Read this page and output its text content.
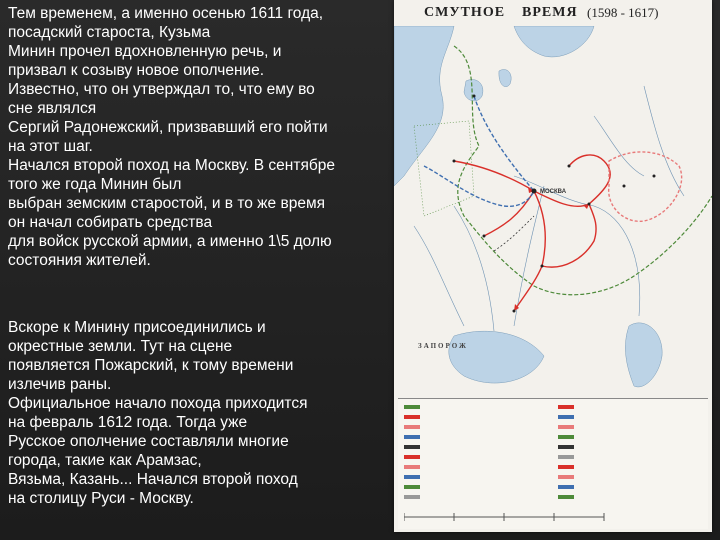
Тем временем, а именно осенью 1611 года,
посадский староста, Кузьма
Минин прочел вдохновленную речь, и
призвал к созыву новое ополчение.
Известно, что он утверждал то, что ему во
сне являлся
Сергий Радонежский, призвавший его пойти
на этот шаг.
Начался второй поход на Москву. В сентябре
того же года Минин был
выбран земским старостой, и в то же время
он начал собирать средства
для войск русской армии, а именно 1\5 долю
состояния жителей.

Вскоре к Минину присоединились и
окрестные земли. Тут на сцене
появляется Пожарский, к тому времени
излечив раны.
Официальное начало похода приходится
на февраль 1612 года. Тогда уже
Русское ополчение составляли многие
города, такие как Арамзас,
Вязьма, Казань... Начался второй поход
на столицу Руси - Москву.

СМУТНОЕ ВРЕМЯ (1598 - 1617)
МОСКВА
ЗАПОРОЖ
